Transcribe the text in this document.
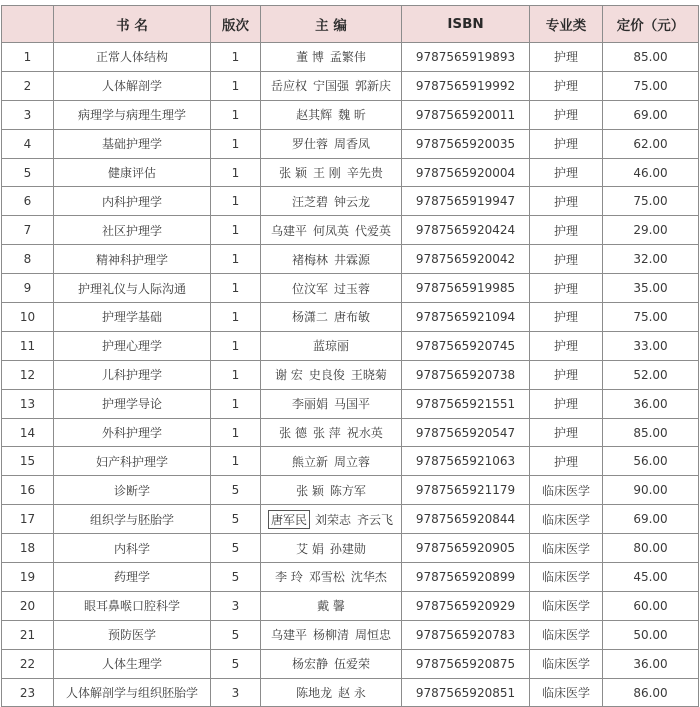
	书 名	版次	主 编	ISBN	专业类	定价（元）
1	正常人体结构	1	董 博 孟繁伟	9787565919893	护理	85.00
2	人体解剖学	1	岳应权 宁国强 郭新庆	9787565919992	护理	75.00
3	病理学与病理生理学	1	赵其辉 魏 昕	9787565920011	护理	69.00
4	基础护理学	1	罗仕蓉 周香凤	9787565920035	护理	62.00
5	健康评估	1	张 颖 王 刚 辛先贵	9787565920004	护理	46.00
6	内科护理学	1	汪芝碧 钟云龙	9787565919947	护理	75.00
7	社区护理学	1	乌建平 何凤英 代爱英	9787565920424	护理	29.00
8	精神科护理学	1	褚梅林 井霖源	9787565920042	护理	32.00
9	护理礼仪与人际沟通	1	位汶军 过玉蓉	9787565919985	护理	35.00
10	护理学基础	1	杨潇二 唐布敏	9787565921094	护理	75.00
11	护理心理学	1	蓝琼丽	9787565920745	护理	33.00
12	儿科护理学	1	谢 宏 史良俊 王晓菊	9787565920738	护理	52.00
13	护理学导论	1	李丽娟 马国平	9787565921551	护理	36.00
14	外科护理学	1	张 德 张 萍 祝水英	9787565920547	护理	85.00
15	妇产科护理学	1	熊立新 周立蓉	9787565921063	护理	56.00
16	诊断学	5	张 颖 陈方军	9787565921179	临床医学	90.00
17	组织学与胚胎学	5	唐军民 刘荣志 齐云飞	9787565920844	临床医学	69.00
18	内科学	5	艾 娟 孙建勋	9787565920905	临床医学	80.00
19	药理学	5	李 玲 邓雪松 沈华杰	9787565920899	临床医学	45.00
20	眼耳鼻喉口腔科学	3	戴 馨	9787565920929	临床医学	60.00
21	预防医学	5	乌建平 杨柳清 周恒忠	9787565920783	临床医学	50.00
22	人体生理学	5	杨宏静 伍爱荣	9787565920875	临床医学	36.00
23	人体解剖学与组织胚胎学	3	陈地龙 赵 永	9787565920851	临床医学	86.00
